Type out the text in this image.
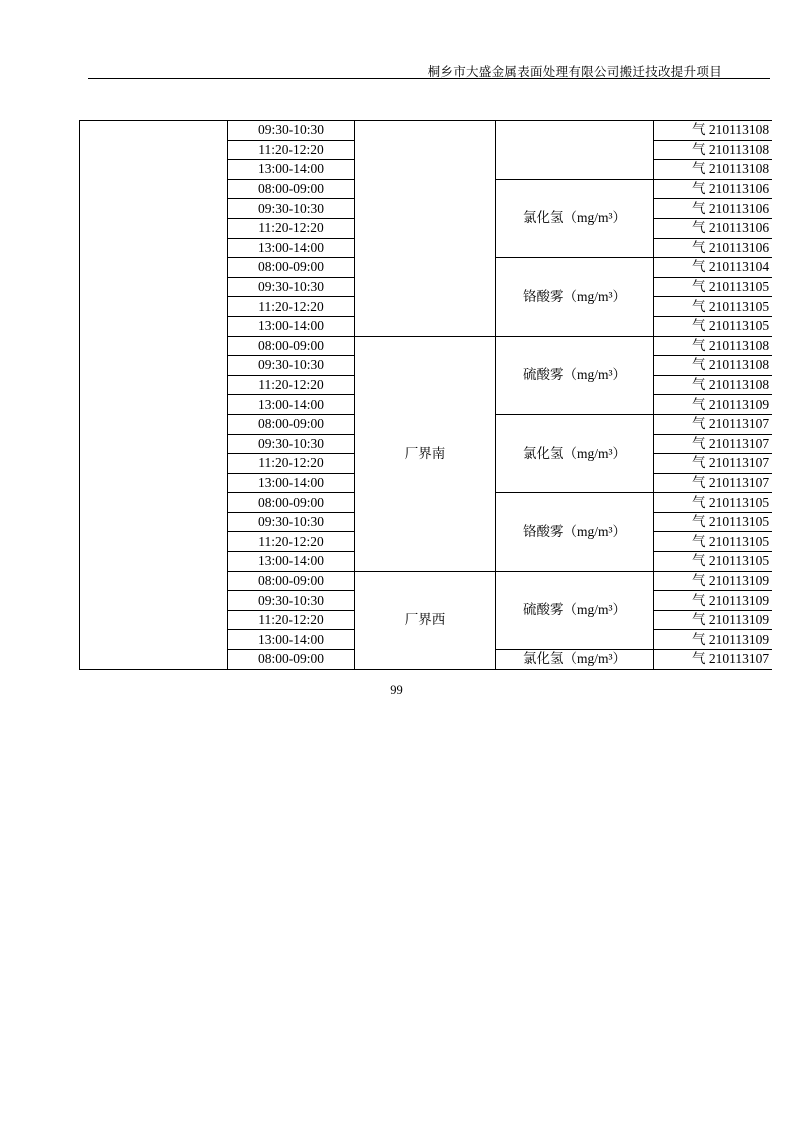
桐乡市大盛金属表面处理有限公司搬迁技改提升项目
	09:30-10:30			气 210113108
	11:20-12:20			气 210113108
	13:00-14:00			气 210113108
	08:00-09:00		氯化氢（mg/m³）	气 210113106
	09:30-10:30			气 210113106
	11:20-12:20			气 210113106
	13:00-14:00			气 210113106
	08:00-09:00		铬酸雾（mg/m³）	气 210113104
	09:30-10:30			气 210113105
	11:20-12:20			气 210113105
	13:00-14:00			气 210113105
	08:00-09:00	厂界南	硫酸雾（mg/m³）	气 210113108
	09:30-10:30			气 210113108
	11:20-12:20			气 210113108
	13:00-14:00			气 210113109
	08:00-09:00		氯化氢（mg/m³）	气 210113107
	09:30-10:30			气 210113107
	11:20-12:20			气 210113107
	13:00-14:00			气 210113107
	08:00-09:00		铬酸雾（mg/m³）	气 210113105
	09:30-10:30			气 210113105
	11:20-12:20			气 210113105
	13:00-14:00			气 210113105
	08:00-09:00	厂界西	硫酸雾（mg/m³）	气 210113109
	09:30-10:30			气 210113109
	11:20-12:20			气 210113109
	13:00-14:00			气 210113109
	08:00-09:00		氯化氢（mg/m³）	气 210113107
99
